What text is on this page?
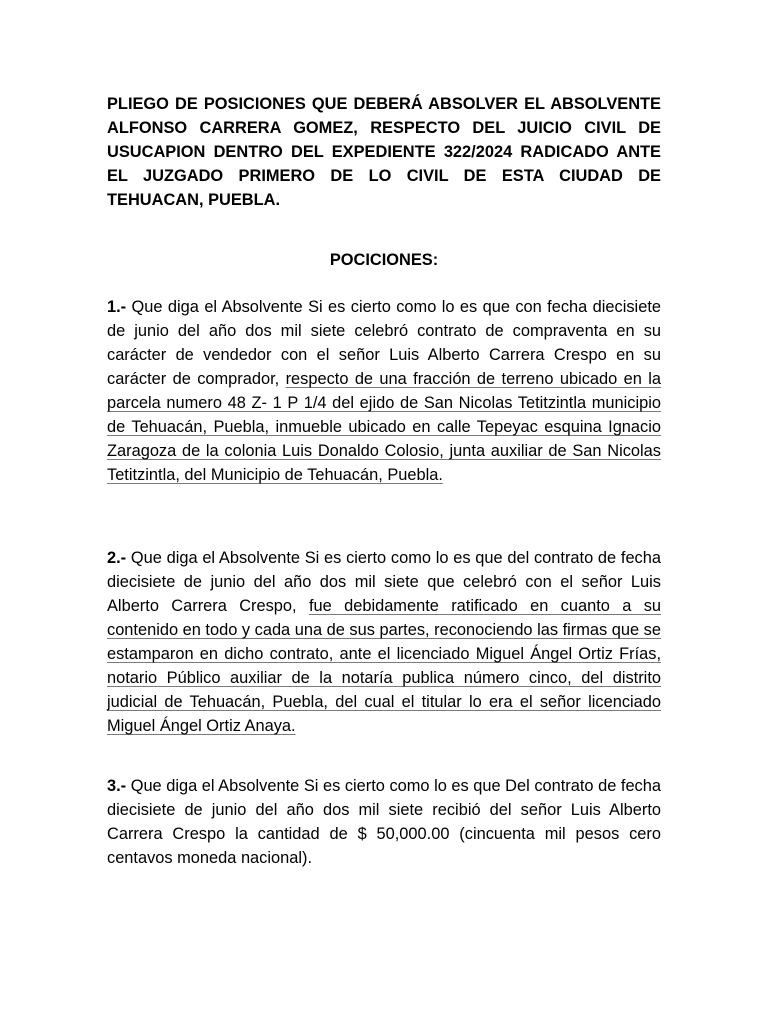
PLIEGO DE POSICIONES QUE DEBERÁ ABSOLVER EL ABSOLVENTE ALFONSO CARRERA GOMEZ, RESPECTO DEL JUICIO CIVIL DE USUCAPION DENTRO DEL EXPEDIENTE 322/2024 RADICADO ANTE EL JUZGADO PRIMERO DE LO CIVIL DE ESTA CIUDAD DE TEHUACAN, PUEBLA.
POCICIONES:
1.- Que diga el Absolvente Si es cierto como lo es que con fecha diecisiete de junio del año dos mil siete celebró contrato de compraventa en su carácter de vendedor con el señor Luis Alberto Carrera Crespo en su carácter de comprador, respecto de una fracción de terreno ubicado en la parcela numero 48 Z- 1 P 1/4 del ejido de San Nicolas Tetitzintla municipio de Tehuacán, Puebla, inmueble ubicado en calle Tepeyac esquina Ignacio Zaragoza de la colonia Luis Donaldo Colosio, junta auxiliar de San Nicolas Tetitzintla, del Municipio de Tehuacán, Puebla.
2.- Que diga el Absolvente Si es cierto como lo es que del contrato de fecha diecisiete de junio del año dos mil siete que celebró con el señor Luis Alberto Carrera Crespo, fue debidamente ratificado en cuanto a su contenido en todo y cada una de sus partes, reconociendo las firmas que se estamparon en dicho contrato, ante el licenciado Miguel Ángel Ortiz Frías, notario Público auxiliar de la notaría publica número cinco, del distrito judicial de Tehuacán, Puebla, del cual el titular lo era el señor licenciado Miguel Ángel Ortiz Anaya.
3.- Que diga el Absolvente Si es cierto como lo es que Del contrato de fecha diecisiete de junio del año dos mil siete recibió del señor Luis Alberto Carrera Crespo la cantidad de $ 50,000.00 (cincuenta mil pesos cero centavos moneda nacional).
